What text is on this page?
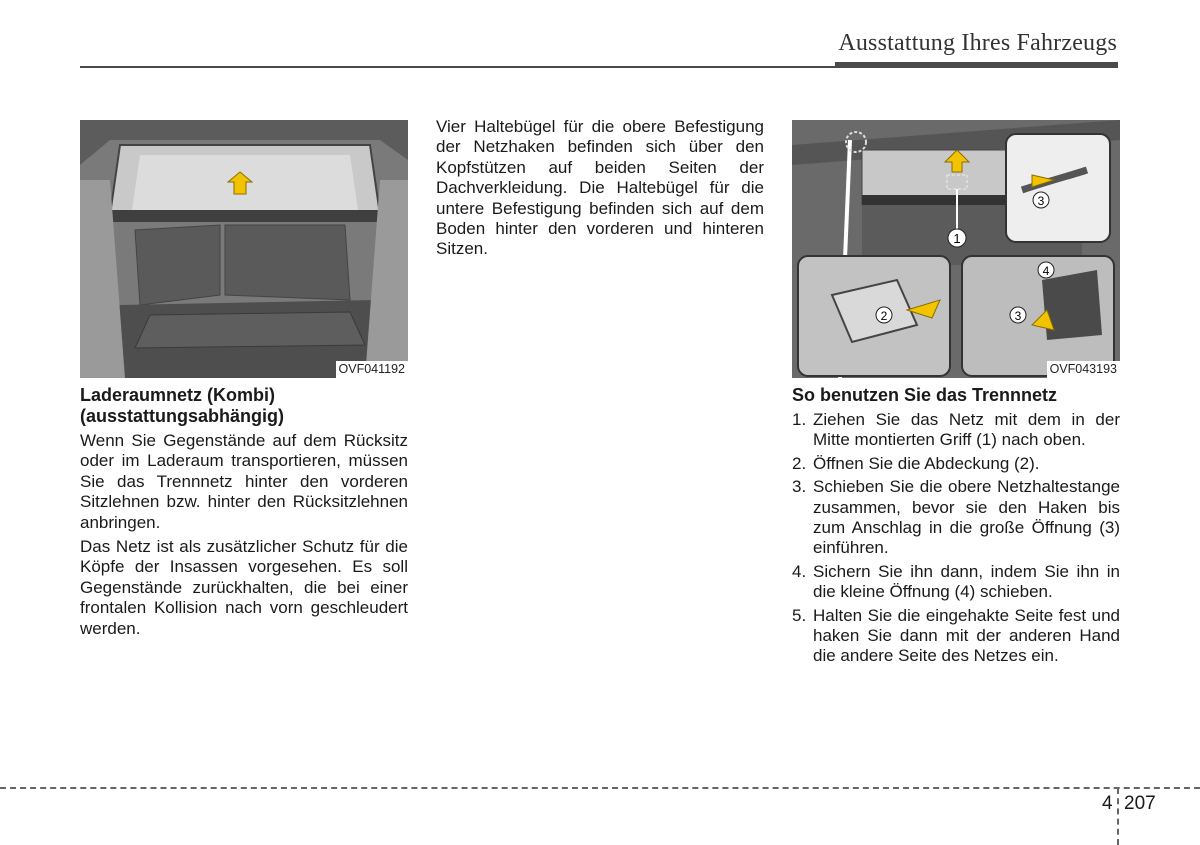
Ausstattung Ihres Fahrzeugs
OVF041192
1
3
2
4
3
OVF043193
Laderaumnetz (Kombi) (ausstattungsabhängig)

Wenn Sie Gegenstände auf dem Rücksitz oder im Laderaum transportieren, müssen Sie das Trennnetz hinter den vorderen Sitzlehnen bzw. hinter den Rücksitzlehnen anbringen.

Das Netz ist als zusätzlicher Schutz für die Köpfe der Insassen vorgesehen. Es soll Gegenstände zurückhalten, die bei einer frontalen Kollision nach vorn geschleudert werden.

Vier Haltebügel für die obere Befestigung der Netzhaken befinden sich über den Kopfstützen auf beiden Seiten der Dachverkleidung. Die Haltebügel für die untere Befestigung befinden sich auf dem Boden hinter den vorderen und hinteren Sitzen.

So benutzen Sie das Trennnetz
1. Ziehen Sie das Netz mit dem in der Mitte montierten Griff (1) nach oben.
2. Öffnen Sie die Abdeckung (2).
3. Schieben Sie die obere Netzhaltestange zusammen, bevor sie den Haken bis zum Anschlag in die große Öffnung (3) einführen.
4. Sichern Sie ihn dann, indem Sie ihn in die kleine Öffnung (4) schieben.
5. Halten Sie die eingehakte Seite fest und haken Sie dann mit der anderen Hand die andere Seite des Netzes ein.
4 207
